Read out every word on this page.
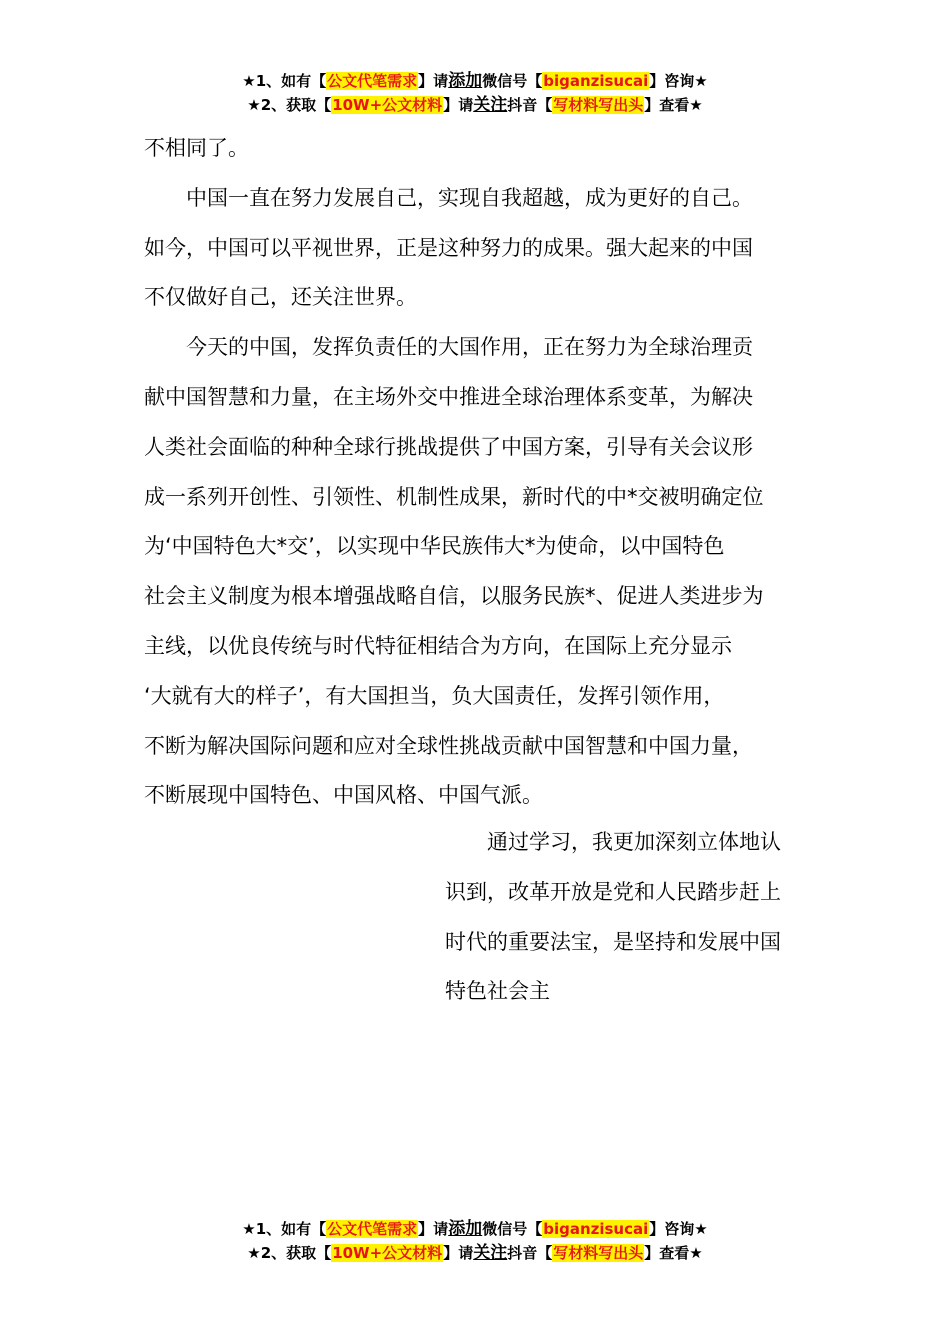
★1、如有【公文代笔需求】请添加微信号【biganzisucai】咨询★
★2、获取【10W+公文材料】请关注抖音【写材料写出头】查看★

不相同了。

　　中国一直在努力发展自己，实现自我超越，成为更好的自己。

如今，中国可以平视世界，正是这种努力的成果。强大起来的中国

不仅做好自己，还关注世界。

　　今天的中国，发挥负责任的大国作用，正在努力为全球治理贡

献中国智慧和力量，在主场外交中推进全球治理体系变革，为解决

人类社会面临的种种全球行挑战提供了中国方案，引导有关会议形

成一系列开创性、引领性、机制性成果，新时代的中*交被明确定位

为‘中国特色大*交’，以实现中华民族伟大*为使命，以中国特色

社会主义制度为根本增强战略自信，以服务民族*、促进人类进步为

主线，以优良传统与时代特征相结合为方向，在国际上充分显示

‘大就有大的样子’，有大国担当，负大国责任，发挥引领作用，

不断为解决国际问题和应对全球性挑战贡献中国智慧和中国力量，

不断展现中国特色、中国风格、中国气派。

　　通过学习，我更加深刻立体地认

识到，改革开放是党和人民踏步赶上

时代的重要法宝，是坚持和发展中国

特色社会主

★1、如有【公文代笔需求】请添加微信号【biganzisucai】咨询★
★2、获取【10W+公文材料】请关注抖音【写材料写出头】查看★
